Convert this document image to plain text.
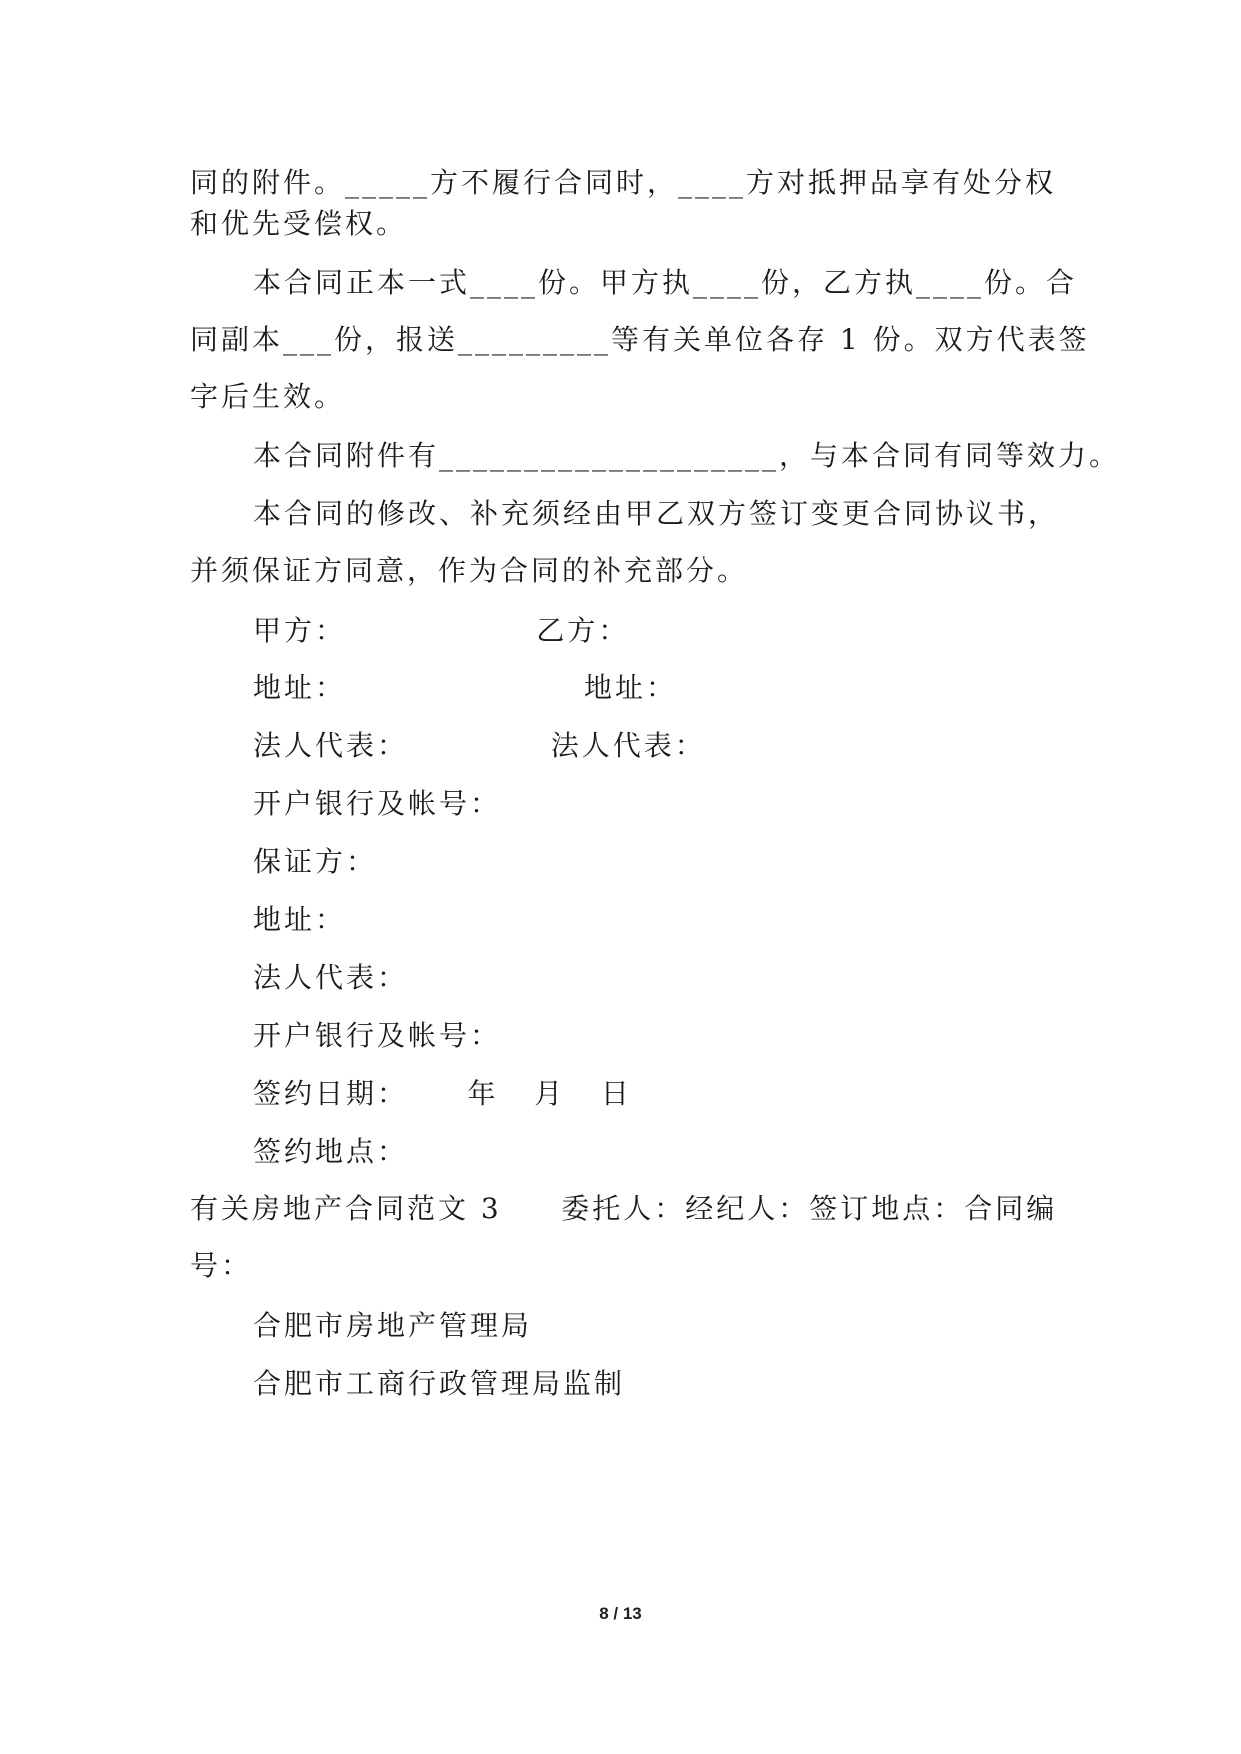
同的附件。_____方不履行合同时，____方对抵押品享有处分权
和优先受偿权。
本合同正本一式____份。甲方执____份，乙方执____份。合
同副本___份，报送_________等有关单位各存 1 份。双方代表签
字后生效。
本合同附件有____________________，与本合同有同等效力。
本合同的修改、补充须经由甲乙双方签订变更合同协议书，
并须保证方同意，作为合同的补充部分。
甲方：                乙方：
地址：                    地址：
法人代表：            法人代表：
开户银行及帐号：
保证方：
地址：
法人代表：
开户银行及帐号：
签约日期：     年   月   日
签约地点：
有关房地产合同范文 3     委托人：经纪人：签订地点：合同编
号：
合肥市房地产管理局
合肥市工商行政管理局监制
8 / 13
